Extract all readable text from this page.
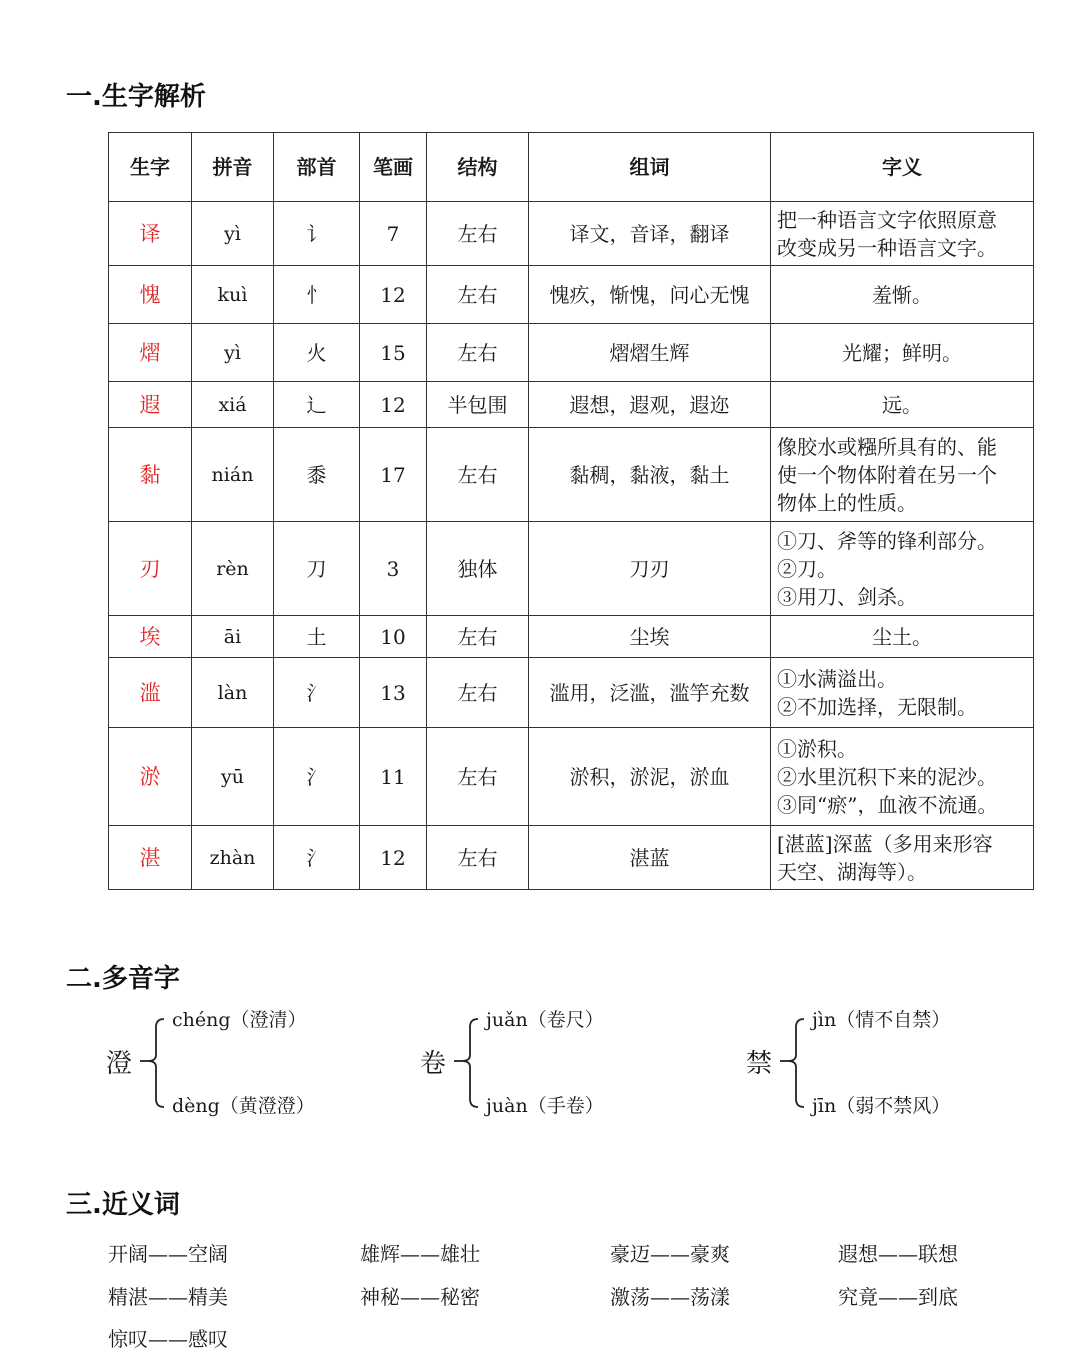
一.生字解析
生字	拼音	部首	笔画	结构	组词	字义
译	yì	讠	7	左右	译文，音译，翻译	把一种语言文字依照原意
改变成另一种语言文字。

愧	kuì	忄	12	左右	愧疚，惭愧，问心无愧	羞惭。

熠	yì	火	15	左右	熠熠生辉	光耀；鲜明。

遐	xiá	辶	12	半包围	遐想，遐观，遐迩	远。

黏	nián	黍	17	左右	黏稠，黏液，黏土	像胶水或糨所具有的、能
使一个物体附着在另一个
物体上的性质。

刃	rèn	刀	3	独体	刀刃	①刀、斧等的锋利部分。
②刀。
③用刀、剑杀。

埃	āi	土	10	左右	尘埃	尘土。

滥	làn	氵	13	左右	滥用，泛滥，滥竽充数	①水满溢出。
②不加选择，无限制。

淤	yū	氵	11	左右	淤积，淤泥，淤血	①淤积。
②水里沉积下来的泥沙。
③同“瘀”，血液不流通。

湛	zhàn	氵	12	左右	湛蓝	[湛蓝]深蓝（多用来形容
天空、湖海等）。
二.多音字
澄
chéng（澄清）
dèng（黄澄澄）
卷
juǎn（卷尺）
juàn（手卷）
禁
jìn（情不自禁）
jīn（弱不禁风）
三.近义词
开阔——空阔	雄辉——雄壮	豪迈——豪爽	遐想——联想
精湛——精美	神秘——秘密	激荡——荡漾	究竟——到底
惊叹——感叹
